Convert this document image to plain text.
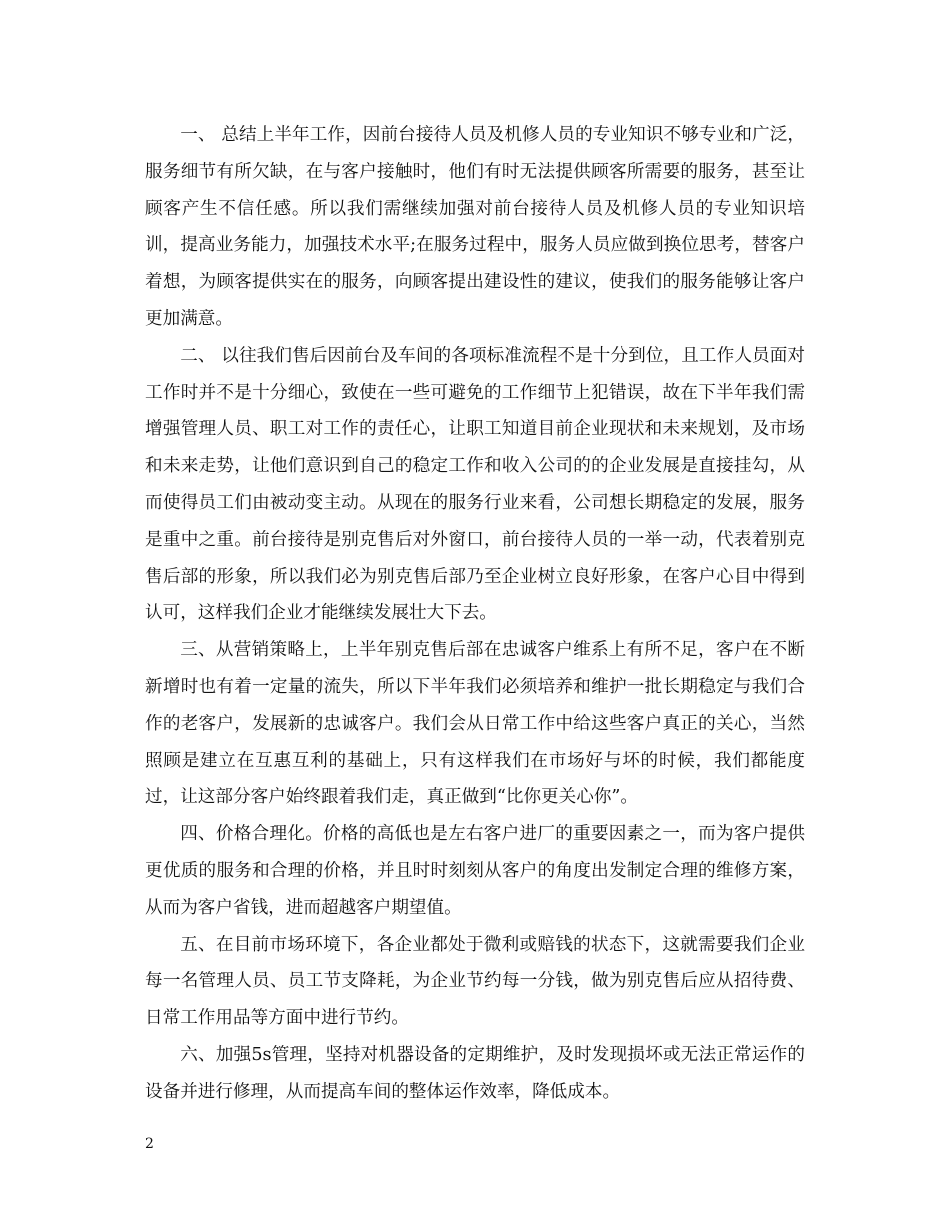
一、 总结上半年工作，因前台接待人员及机修人员的专业知识不够专业和广泛，服务细节有所欠缺，在与客户接触时，他们有时无法提供顾客所需要的服务，甚至让顾客产生不信任感。所以我们需继续加强对前台接待人员及机修人员的专业知识培训，提高业务能力，加强技术水平;在服务过程中，服务人员应做到换位思考，替客户着想，为顾客提供实在的服务，向顾客提出建设性的建议，使我们的服务能够让客户更加满意。

二、 以往我们售后因前台及车间的各项标准流程不是十分到位，且工作人员面对工作时并不是十分细心，致使在一些可避免的工作细节上犯错误，故在下半年我们需增强管理人员、职工对工作的责任心，让职工知道目前企业现状和未来规划，及市场和未来走势，让他们意识到自己的稳定工作和收入公司的的企业发展是直接挂勾，从而使得员工们由被动变主动。从现在的服务行业来看，公司想长期稳定的发展，服务是重中之重。前台接待是别克售后对外窗口，前台接待人员的一举一动，代表着别克售后部的形象，所以我们必为别克售后部乃至企业树立良好形象，在客户心目中得到认可，这样我们企业才能继续发展壮大下去。

三、从营销策略上，上半年别克售后部在忠诚客户维系上有所不足，客户在不断新增时也有着一定量的流失，所以下半年我们必须培养和维护一批长期稳定与我们合作的老客户，发展新的忠诚客户。我们会从日常工作中给这些客户真正的关心，当然照顾是建立在互惠互利的基础上，只有这样我们在市场好与坏的时候，我们都能度过，让这部分客户始终跟着我们走，真正做到“比你更关心你”。

四、价格合理化。价格的高低也是左右客户进厂的重要因素之一，而为客户提供更优质的服务和合理的价格，并且时时刻刻从客户的角度出发制定合理的维修方案，从而为客户省钱，进而超越客户期望值。

五、在目前市场环境下，各企业都处于微利或赔钱的状态下，这就需要我们企业每一名管理人员、员工节支降耗，为企业节约每一分钱，做为别克售后应从招待费、日常工作用品等方面中进行节约。

六、加强5s管理，坚持对机器设备的定期维护，及时发现损坏或无法正常运作的设备并进行修理，从而提高车间的整体运作效率，降低成本。

2
